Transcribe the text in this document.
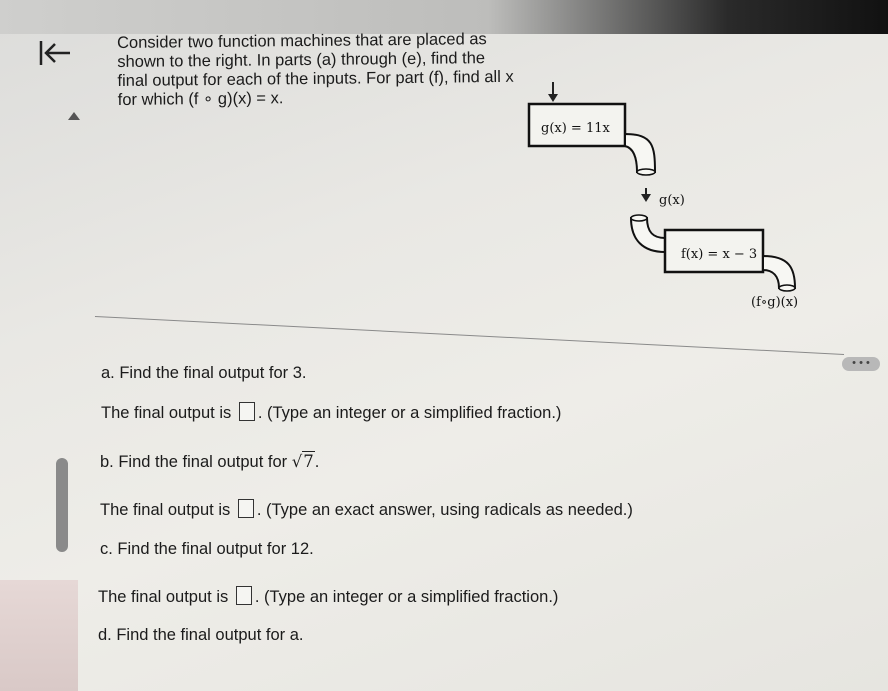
Consider two function machines that are placed as shown to the right. In parts (a) through (e), find the final output for each of the inputs. For part (f), find all x for which (f ∘ g)(x) = x.
g(x) = 11x
g(x)
f(x) = x − 3
(f∘g)(x)
• • •
a. Find the final output for 3.
The final output is . (Type an integer or a simplified fraction.)
b. Find the final output for √7.
The final output is . (Type an exact answer, using radicals as needed.)
c. Find the final output for 12.
The final output is . (Type an integer or a simplified fraction.)
d. Find the final output for a.
